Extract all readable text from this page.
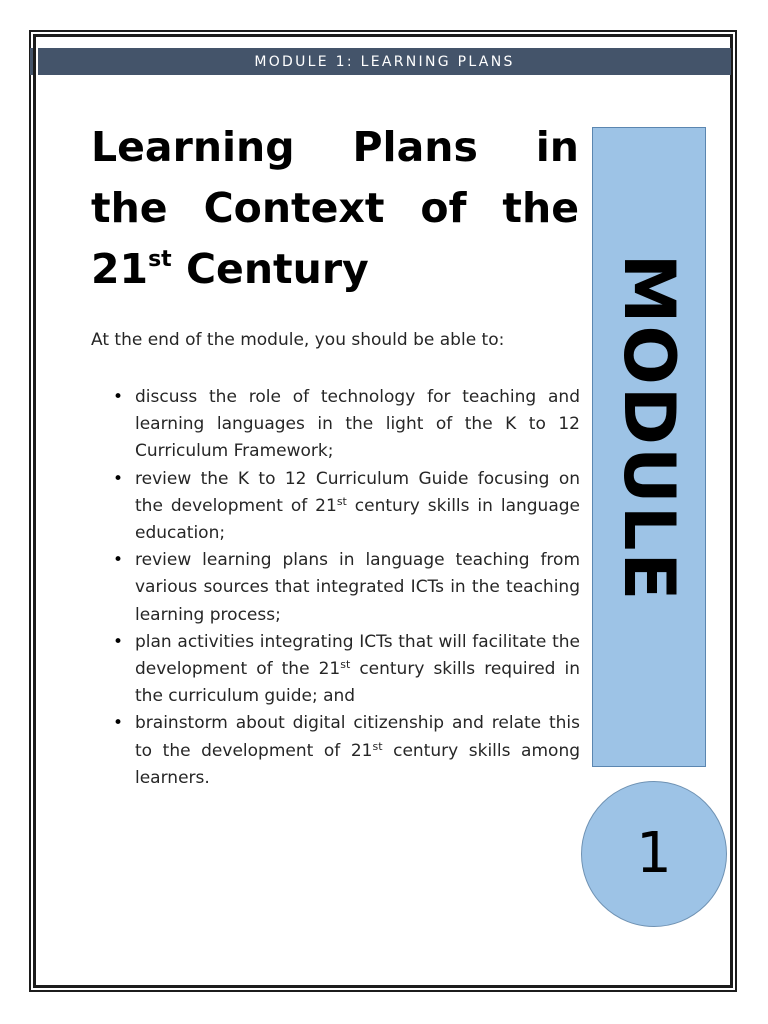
MODULE 1: LEARNING PLANS
Learning Plans in the Context of the 21st Century

At the end of the module, you should be able to:

• discuss the role of technology for teaching and learning languages in the light of the K to 12 Curriculum Framework;
• review the K to 12 Curriculum Guide focusing on the development of 21st century skills in language education;
• review learning plans in language teaching from various sources that integrated ICTs in the teaching learning process;
• plan activities integrating ICTs that will facilitate the development of the 21st century skills required in the curriculum guide; and
• brainstorm about digital citizenship and relate this to the development of 21st century skills among learners.
MODULE
1
